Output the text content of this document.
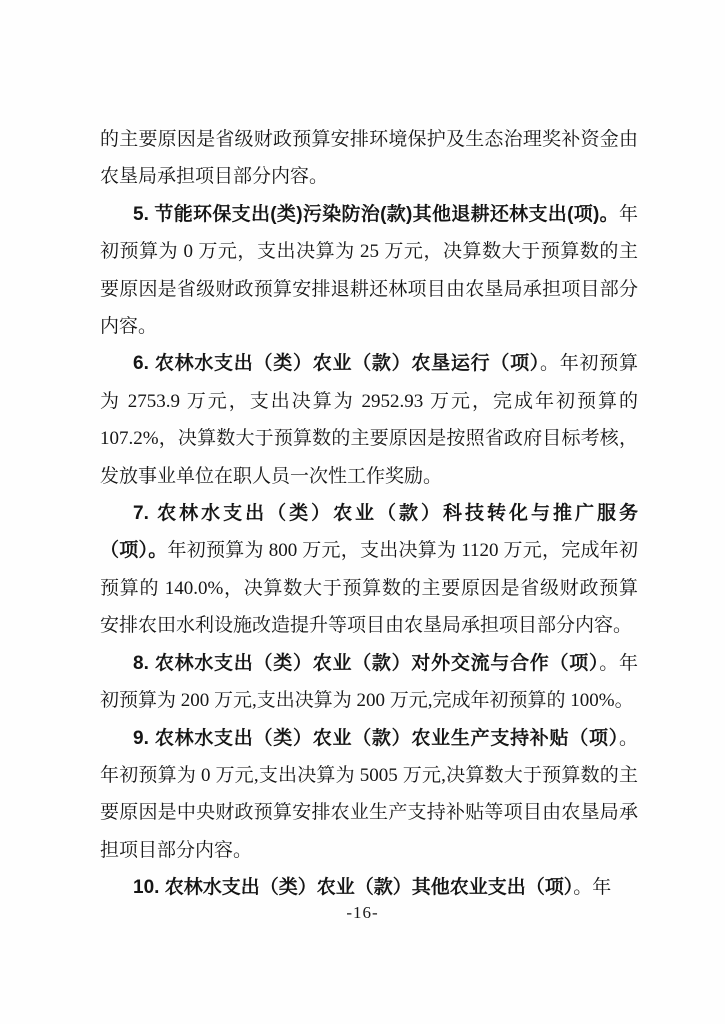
的主要原因是省级财政预算安排环境保护及生态治理奖补资金由农垦局承担项目部分内容。

5. 节能环保支出(类)污染防治(款)其他退耕还林支出(项)。年初预算为 0 万元，支出决算为 25 万元，决算数大于预算数的主要原因是省级财政预算安排退耕还林项目由农垦局承担项目部分内容。

6. 农林水支出（类）农业（款）农垦运行（项）。年初预算为 2753.9 万元，支出决算为 2952.93 万元，完成年初预算的 107.2%，决算数大于预算数的主要原因是按照省政府目标考核，发放事业单位在职人员一次性工作奖励。

7. 农林水支出（类）农业（款）科技转化与推广服务（项）。年初预算为 800 万元，支出决算为 1120 万元，完成年初预算的 140.0%，决算数大于预算数的主要原因是省级财政预算安排农田水利设施改造提升等项目由农垦局承担项目部分内容。

8. 农林水支出（类）农业（款）对外交流与合作（项）。年初预算为 200 万元,支出决算为 200 万元,完成年初预算的 100%。

9. 农林水支出（类）农业（款）农业生产支持补贴（项）。年初预算为 0 万元,支出决算为 5005 万元,决算数大于预算数的主要原因是中央财政预算安排农业生产支持补贴等项目由农垦局承担项目部分内容。

10. 农林水支出（类）农业（款）其他农业支出（项）。年

-16-
